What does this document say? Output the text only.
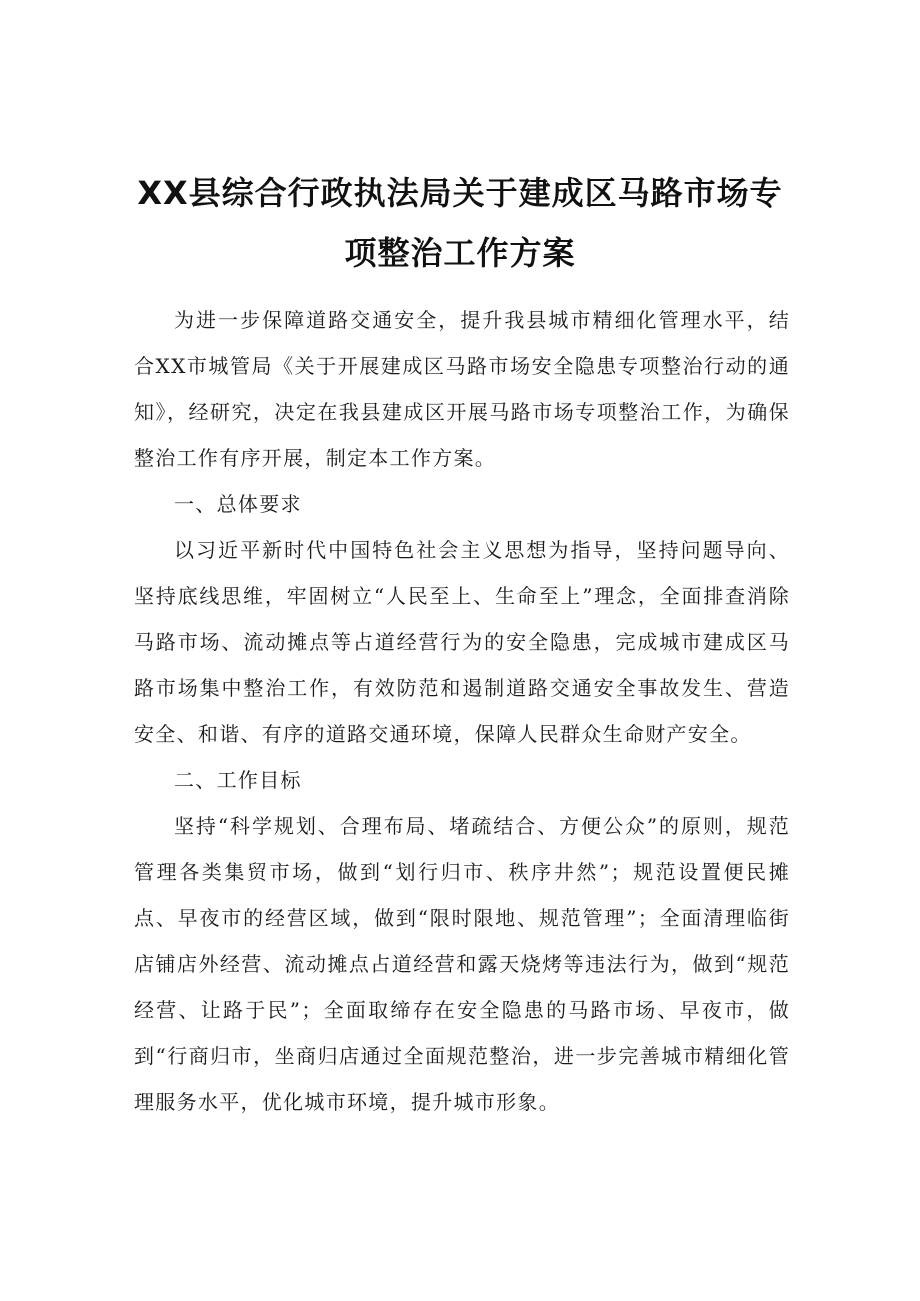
XX县综合行政执法局关于建成区马路市场专
项整治工作方案

为进一步保障道路交通安全，提升我县城市精细化管理水平，结合XX市城管局《关于开展建成区马路市场安全隐患专项整治行动的通知》，经研究，决定在我县建成区开展马路市场专项整治工作，为确保整治工作有序开展，制定本工作方案。

一、总体要求

以习近平新时代中国特色社会主义思想为指导，坚持问题导向、坚持底线思维，牢固树立“人民至上、生命至上”理念，全面排查消除马路市场、流动摊点等占道经营行为的安全隐患，完成城市建成区马路市场集中整治工作，有效防范和遏制道路交通安全事故发生、营造安全、和谐、有序的道路交通环境，保障人民群众生命财产安全。

二、工作目标

坚持“科学规划、合理布局、堵疏结合、方便公众”的原则，规范管理各类集贸市场，做到“划行归市、秩序井然”；规范设置便民摊点、早夜市的经营区域，做到“限时限地、规范管理”；全面清理临街店铺店外经营、流动摊点占道经营和露天烧烤等违法行为，做到“规范经营、让路于民”；全面取缔存在安全隐患的马路市场、早夜市，做到“行商归市，坐商归店通过全面规范整治，进一步完善城市精细化管理服务水平，优化城市环境，提升城市形象。
